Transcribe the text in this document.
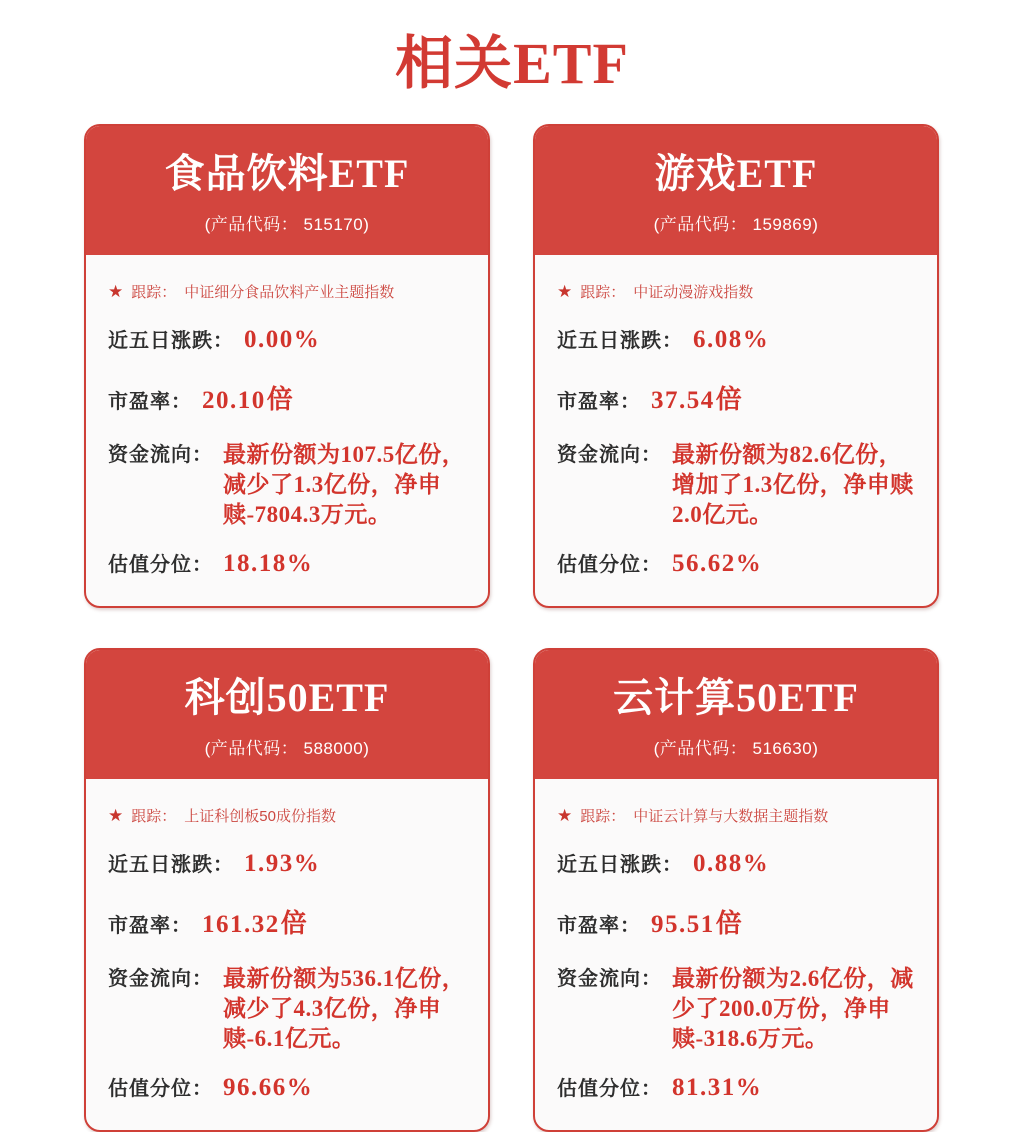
相关ETF
食品饮料ETF
(产品代码： 515170)
★ 跟踪： 中证细分食品饮料产业主题指数
近五日涨跌： 0.00%
市盈率： 20.10 倍
资金流向： 最新份额为107.5亿份，减少了1.3亿份，净申赎-7804.3万元。
估值分位： 18.18%
游戏ETF
(产品代码： 159869)
★ 跟踪： 中证动漫游戏指数
近五日涨跌： 6.08%
市盈率： 37.54 倍
资金流向： 最新份额为82.6亿份，增加了1.3亿份，净申赎2.0亿元。
估值分位： 56.62%
科创50ETF
(产品代码： 588000)
★ 跟踪： 上证科创板50成份指数
近五日涨跌： 1.93%
市盈率： 161.32 倍
资金流向： 最新份额为536.1亿份，减少了4.3亿份，净申赎-6.1亿元。
估值分位： 96.66%
云计算50ETF
(产品代码： 516630)
★ 跟踪： 中证云计算与大数据主题指数
近五日涨跌： 0.88%
市盈率： 95.51 倍
资金流向： 最新份额为2.6亿份，减少了200.0万份，净申赎-318.6万元。
估值分位： 81.31%
